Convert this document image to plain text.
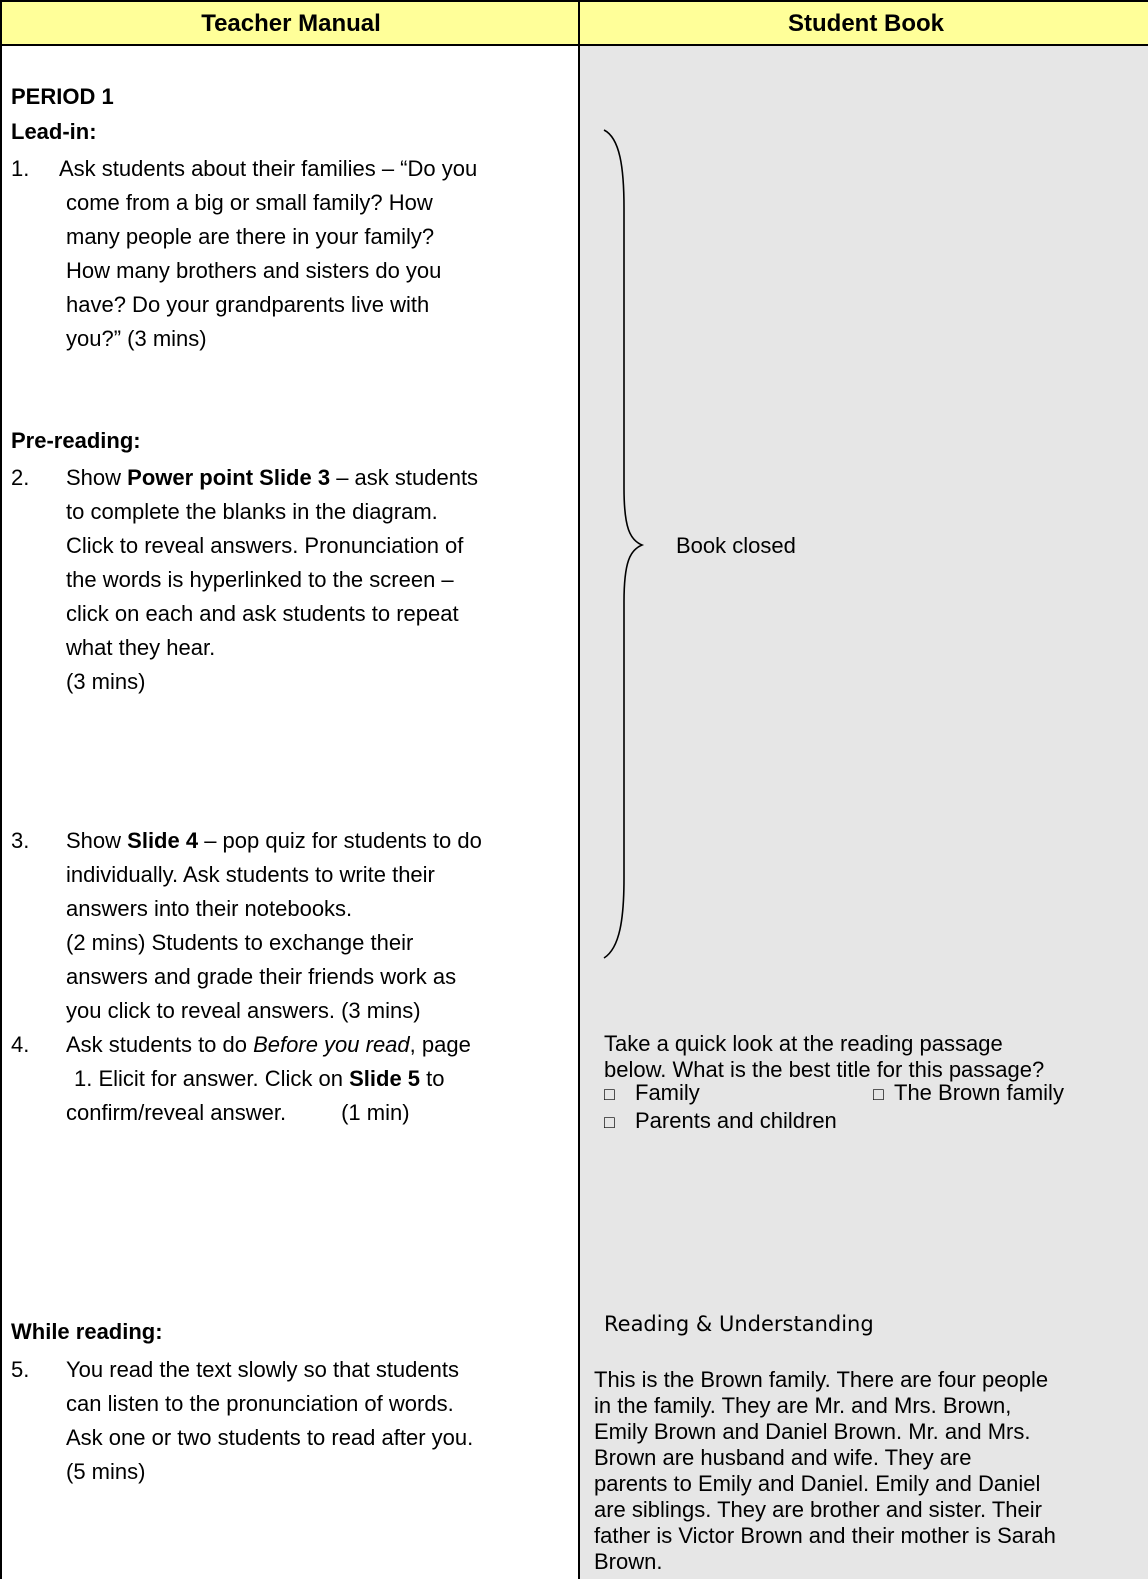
Teacher Manual	Student Book
PERIOD 1
Lead-in:
1. Ask students about their families – “Do you
come from a big or small family? How
many people are there in your family?
How many brothers and sisters do you
have? Do your grandparents live with
you?” (3 mins)
Pre-reading:
2. Show Power point Slide 3 – ask students
to complete the blanks in the diagram.
Click to reveal answers. Pronunciation of
the words is hyperlinked to the screen –
click on each and ask students to repeat
what they hear.
(3 mins)
3. Show Slide 4 – pop quiz for students to do
individually. Ask students to write their
answers into their notebooks.
(2 mins) Students to exchange their
answers and grade their friends work as
you click to reveal answers. (3 mins)
4. Ask students to do Before you read, page
1. Elicit for answer. Click on Slide 5 to
confirm/reveal answer.         (1 min)
While reading:
5. You read the text slowly so that students
can listen to the pronunciation of words.
Ask one or two students to read after you.
(5 mins)
Book closed
Take a quick look at the reading passage
below. What is the best title for this passage?
□ Family	□ The Brown family
□ Parents and children
Reading & Understanding
This is the Brown family. There are four people
in the family. They are Mr. and Mrs. Brown,
Emily Brown and Daniel Brown. Mr. and Mrs.
Brown are husband and wife. They are
parents to Emily and Daniel. Emily and Daniel
are siblings. They are brother and sister. Their
father is Victor Brown and their mother is Sarah
Brown.
